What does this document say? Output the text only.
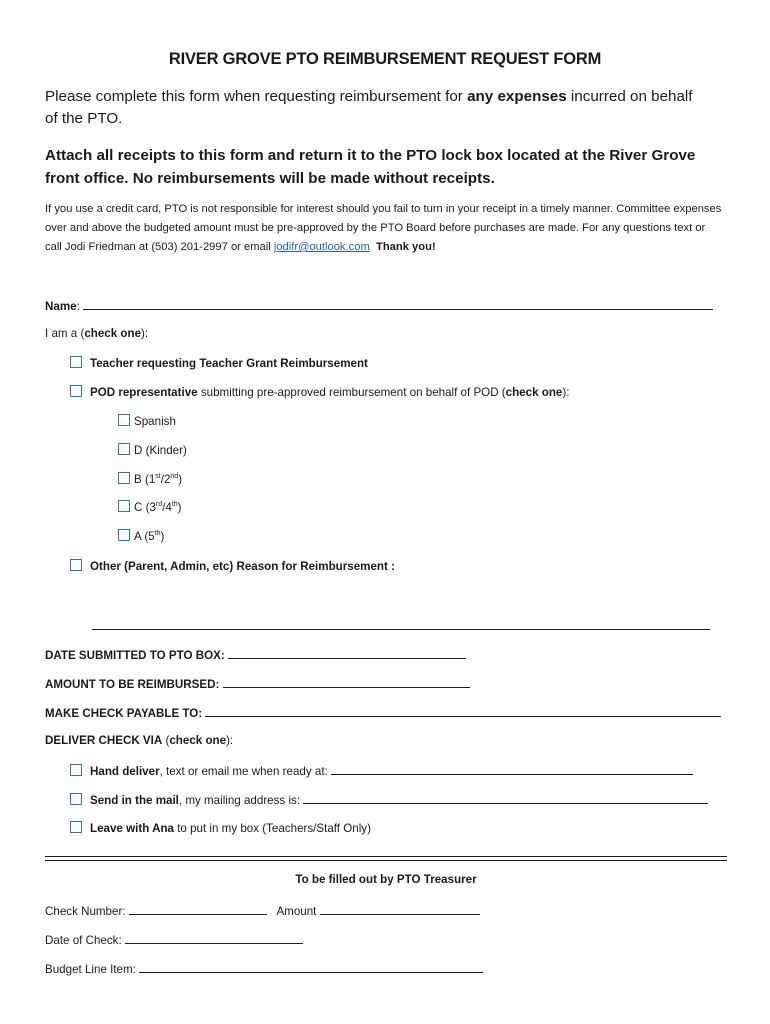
RIVER GROVE PTO REIMBURSEMENT REQUEST FORM
Please complete this form when requesting reimbursement for any expenses incurred on behalf of the PTO.
Attach all receipts to this form and return it to the PTO lock box located at the River Grove front office. No reimbursements will be made without receipts.
If you use a credit card, PTO is not responsible for interest should you fail to turn in your receipt in a timely manner. Committee expenses over and above the budgeted amount must be pre-approved by the PTO Board before purchases are made. For any questions text or call Jodi Friedman at (503) 201-2997 or email jodifr@outlook.com Thank you!
Name:
I am a (check one):
Teacher requesting Teacher Grant Reimbursement
POD representative submitting pre-approved reimbursement on behalf of POD (check one):
Spanish
D (Kinder)
B (1st/2nd)
C (3rd/4th)
A (5th)
Other (Parent, Admin, etc) Reason for Reimbursement :
DATE SUBMITTED TO PTO BOX:
AMOUNT TO BE REIMBURSED:
MAKE CHECK PAYABLE TO:
DELIVER CHECK VIA (check one):
Hand deliver, text or email me when ready at:
Send in the mail, my mailing address is:
Leave with Ana to put in my box (Teachers/Staff Only)
To be filled out by PTO Treasurer
Check Number:	Amount
Date of Check:
Budget Line Item:
